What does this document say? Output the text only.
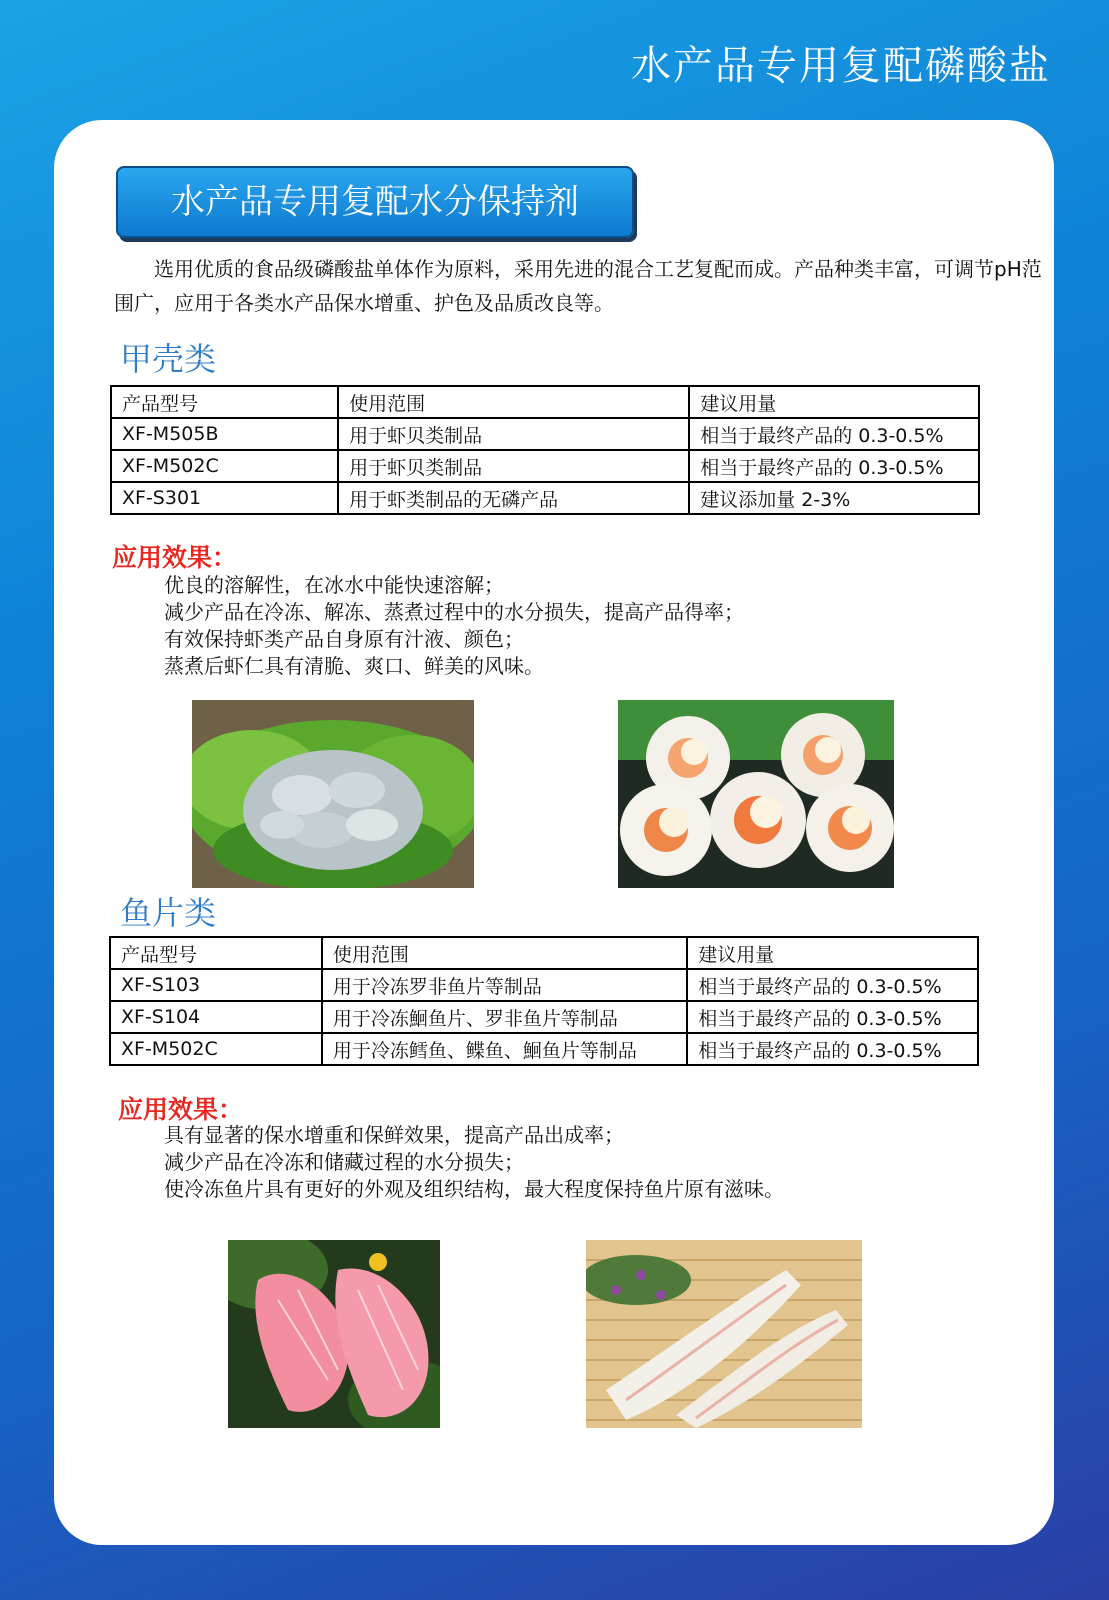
水产品专用复配磷酸盐
水产品专用复配水分保持剂
选用优质的食品级磷酸盐单体作为原料，采用先进的混合工艺复配而成。产品种类丰富，可调节pH范围广，应用于各类水产品保水增重、护色及品质改良等。
甲壳类
产品型号	使用范围	建议用量
XF-M505B	用于虾贝类制品	相当于最终产品的 0.3-0.5%
XF-M502C	用于虾贝类制品	相当于最终产品的 0.3-0.5%
XF-S301	用于虾类制品的无磷产品	建议添加量 2-3%
应用效果：
优良的溶解性，在冰水中能快速溶解；
减少产品在冷冻、解冻、蒸煮过程中的水分损失，提高产品得率；
有效保持虾类产品自身原有汁液、颜色；
蒸煮后虾仁具有清脆、爽口、鲜美的风味。
鱼片类
产品型号	使用范围	建议用量
XF-S103	用于冷冻罗非鱼片等制品	相当于最终产品的 0.3-0.5%
XF-S104	用于冷冻鮰鱼片、罗非鱼片等制品	相当于最终产品的 0.3-0.5%
XF-M502C	用于冷冻鳕鱼、鲽鱼、鮰鱼片等制品	相当于最终产品的 0.3-0.5%
应用效果：
具有显著的保水增重和保鲜效果，提高产品出成率；
减少产品在冷冻和储藏过程的水分损失；
使冷冻鱼片具有更好的外观及组织结构，最大程度保持鱼片原有滋味。
